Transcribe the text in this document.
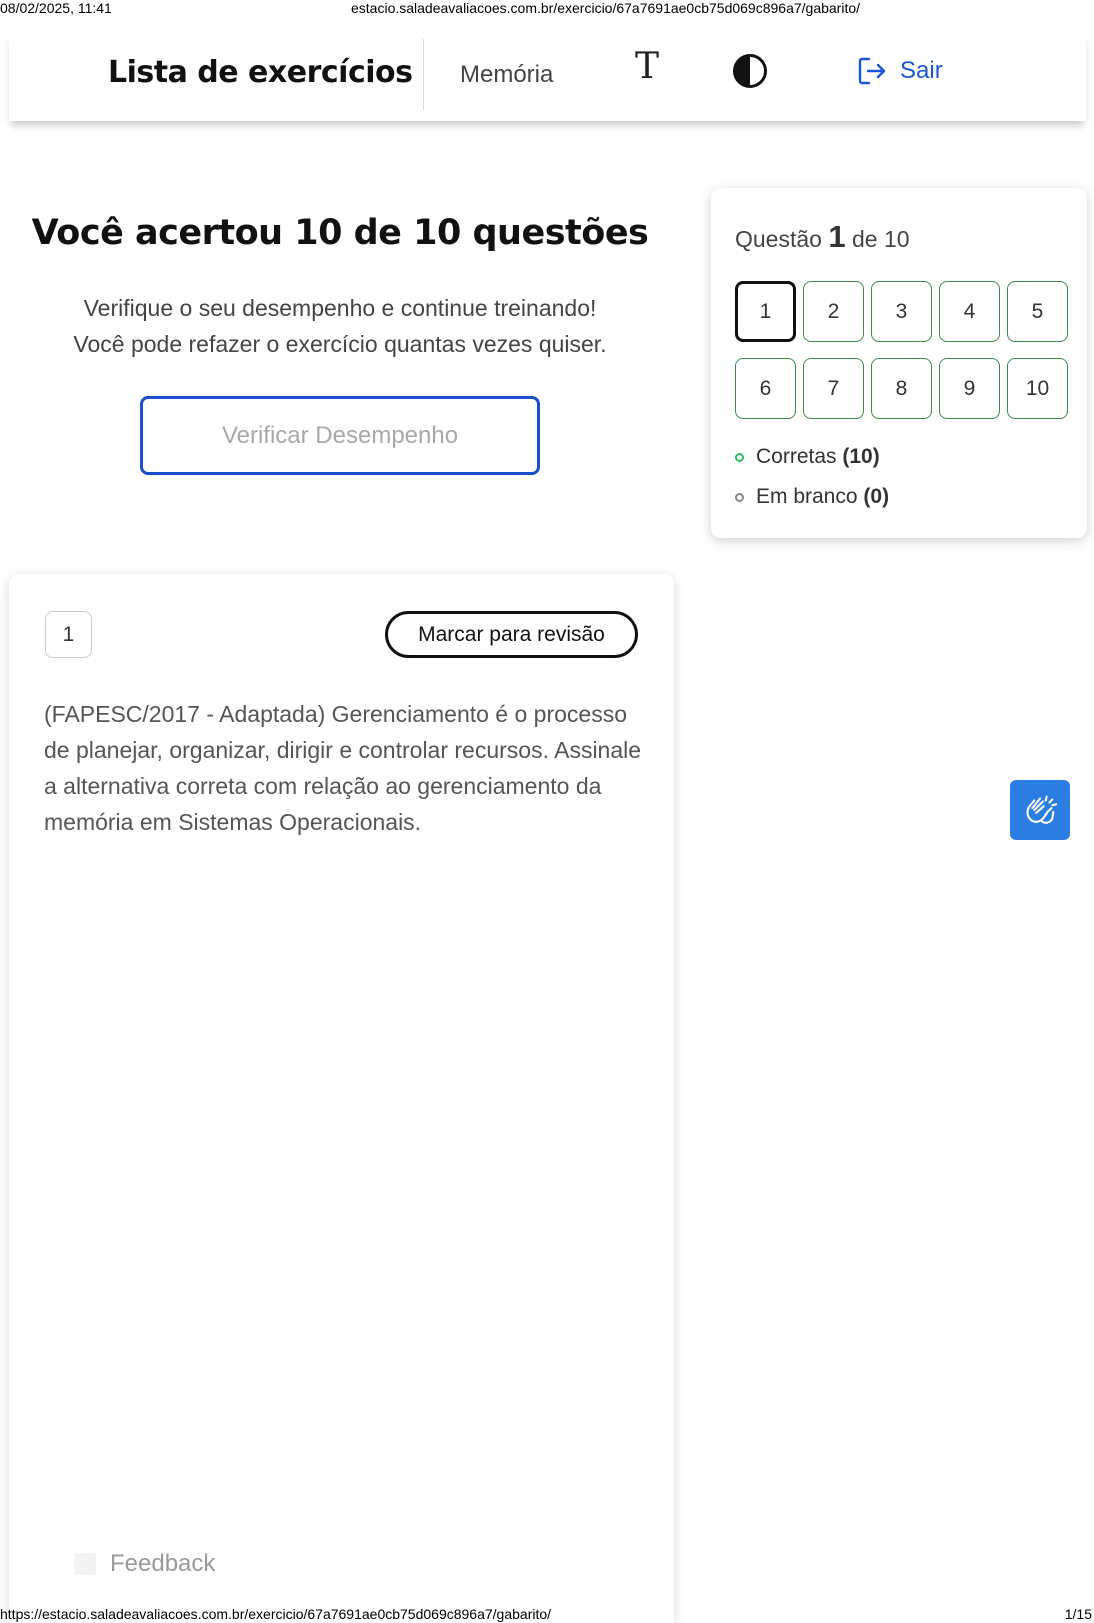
08/02/2025, 11:41	estacio.saladeavaliacoes.com.br/exercicio/67a7691ae0cb75d069c896a7/gabarito/
Lista de exercícios Memória T	Sair
Você acertou 10 de 10 questões
Verifique o seu desempenho e continue treinando!
Você pode refazer o exercício quantas vezes quiser.
Verificar Desempenho
Questão 1 de 10
1	2	3	4	5
6	7	8	9	10
Corretas (10)
Em branco (0)
1	Marcar para revisão
(FAPESC/2017 - Adaptada) Gerenciamento é o processo de planejar, organizar, dirigir e controlar recursos. Assinale a alternativa correta com relação ao gerenciamento da memória em Sistemas Operacionais.
Feedback
https://estacio.saladeavaliacoes.com.br/exercicio/67a7691ae0cb75d069c896a7/gabarito/	1/15
